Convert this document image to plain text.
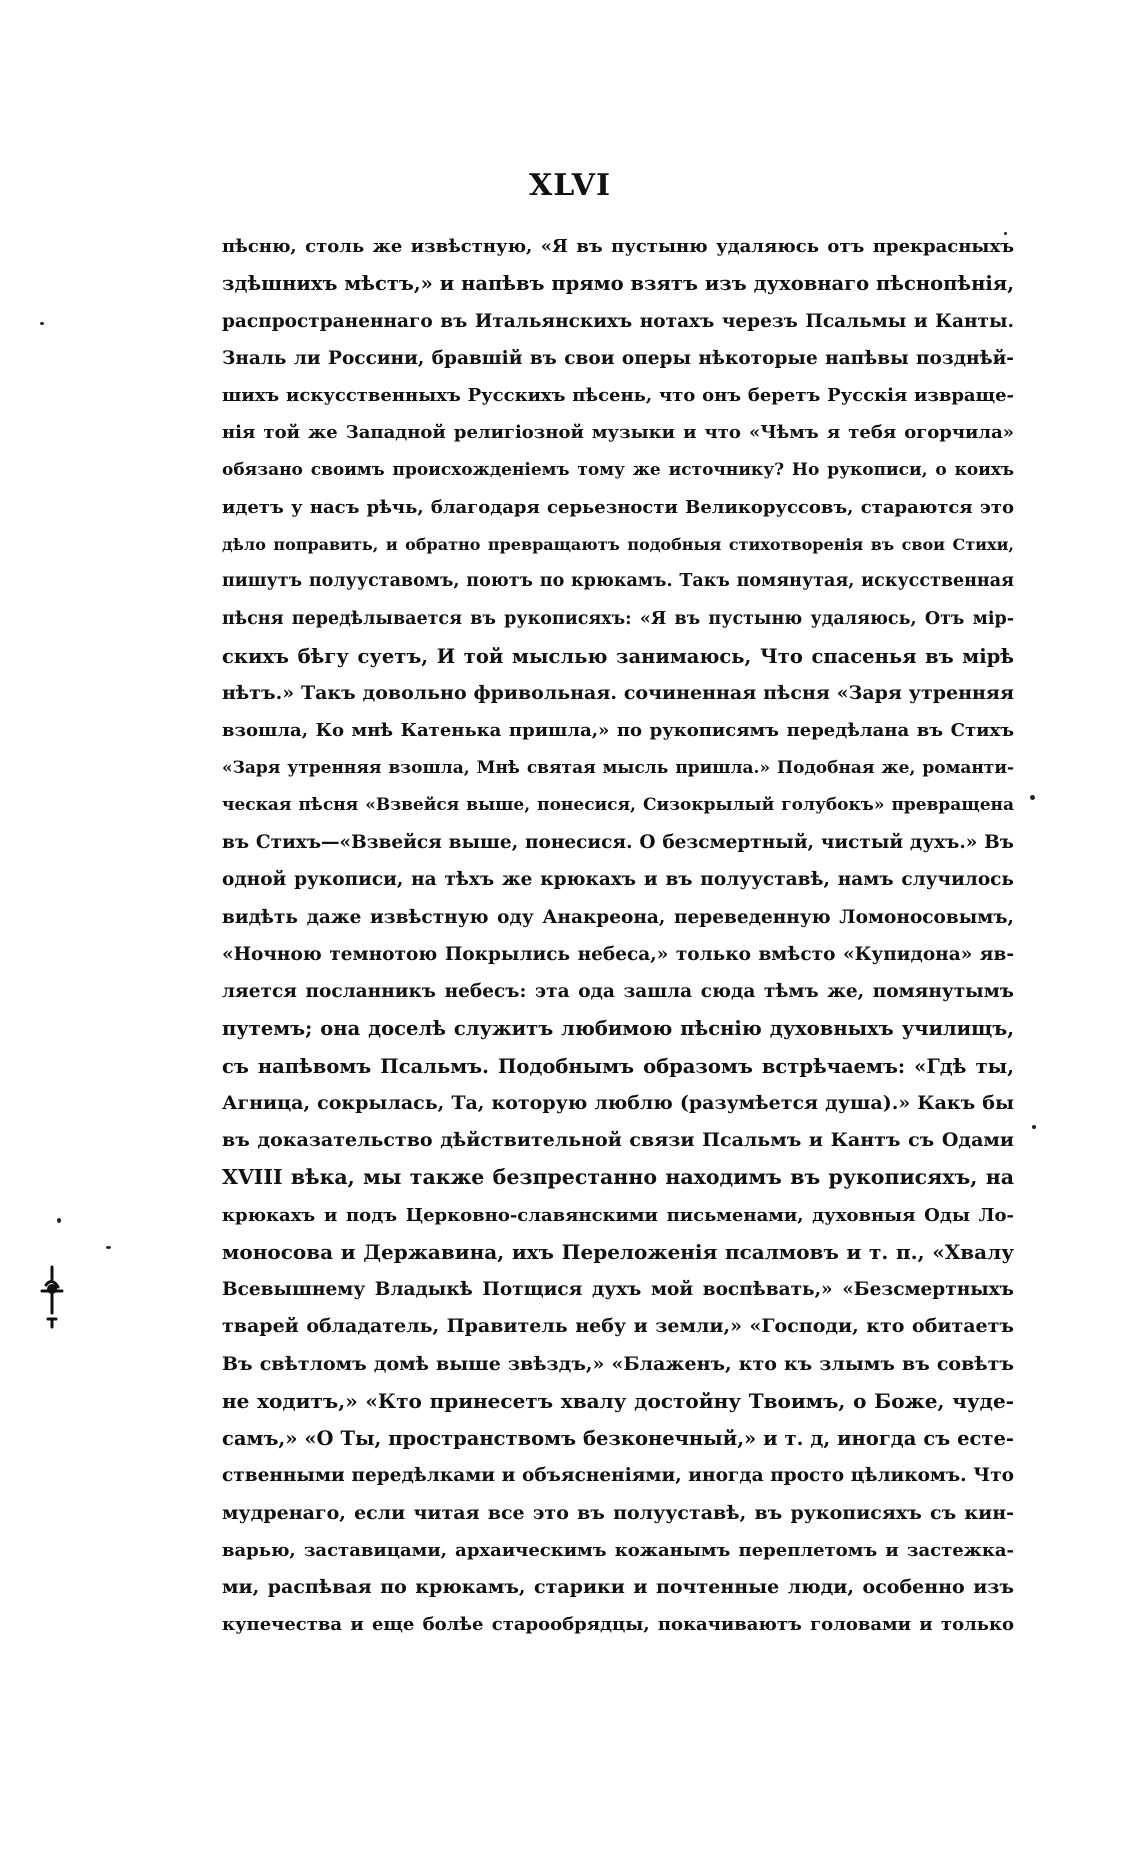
XLVI
пѣсню, столь же извѣстную, «Я въ пустыню удаляюсь отъ прекрасныхъ
здѣшнихъ мѣстъ,» и напѣвъ прямо взятъ изъ духовнаго пѣснопѣнія,
распространеннаго въ Итальянскихъ нотахъ черезъ Псальмы и Канты.
Зналь ли Россини, бравшій въ свои оперы нѣкоторые напѣвы позднѣй-
шихъ искусственныхъ Русскихъ пѣсень, что онъ беретъ Русскія извраще-
нія той же Западной религіозной музыки и что «Чѣмъ я тебя огорчила»
обязано своимъ происхожденіемъ тому же источнику? Но рукописи, о коихъ
идетъ у насъ рѣчь, благодаря серьезности Великоруссовъ, стараются это
дѣло поправить, и обратно превращаютъ подобныя стихотворенія въ свои Стихи,
пишутъ полууставомъ, поютъ по крюкамъ. Такъ помянутая, искусственная
пѣсня передѣлывается въ рукописяхъ: «Я въ пустыню удаляюсь, Отъ мір-
скихъ бѣгу суетъ, И той мыслью занимаюсь, Что спасенья въ мірѣ
нѣтъ.» Такъ довольно фривольная. сочиненная пѣсня «Заря утренняя
взошла, Ко мнѣ Катенька пришла,» по рукописямъ передѣлана въ Стихъ
«Заря утренняя взошла, Мнѣ святая мысль пришла.» Подобная же, романти-
ческая пѣсня «Взвейся выше, понесися, Сизокрылый голубокъ» превращена
въ Стихъ—«Взвейся выше, понесися. О безсмертный, чистый духъ.» Въ
одной рукописи, на тѣхъ же крюкахъ и въ полууставѣ, намъ случилось
видѣть даже извѣстную оду Анакреона, переведенную Ломоносовымъ,
«Ночною темнотою Покрылись небеса,» только вмѣсто «Купидона» яв-
ляется посланникъ небесъ: эта ода зашла сюда тѣмъ же, помянутымъ
путемъ; она доселѣ служитъ любимою пѣснію духовныхъ училищъ,
съ напѣвомъ Псальмъ. Подобнымъ образомъ встрѣчаемъ: «Гдѣ ты,
Агница, сокрылась, Та, которую люблю (разумѣется душа).» Какъ бы
въ доказательство дѣйствительной связи Псальмъ и Кантъ съ Одами
XVIII вѣка, мы также безпрестанно находимъ въ рукописяхъ, на
крюкахъ и подъ Церковно-славянскими письменами, духовныя Оды Ло-
моносова и Державина, ихъ Переложенія псалмовъ и т. п., «Хвалу
Всевышнему Владыкѣ Потщися духъ мой воспѣвать,» «Безсмертныхъ
тварей обладатель, Правитель небу и земли,» «Господи, кто обитаетъ
Въ свѣтломъ домѣ выше звѣздъ,» «Блаженъ, кто къ злымъ въ совѣтъ
не ходитъ,» «Кто принесетъ хвалу достойну Твоимъ, о Боже, чуде-
самъ,» «О Ты, пространствомъ безконечный,» и т. д, иногда съ есте-
ственными передѣлками и объясненіями, иногда просто цѣликомъ. Что
мудренаго, если читая все это въ полууставѣ, въ рукописяхъ съ кин-
варью, заставицами, архаическимъ кожанымъ переплетомъ и застежка-
ми, распѣвая по крюкамъ, старики и почтенные люди, особенно изъ
купечества и еще болѣе старообрядцы, покачиваютъ головами и только
